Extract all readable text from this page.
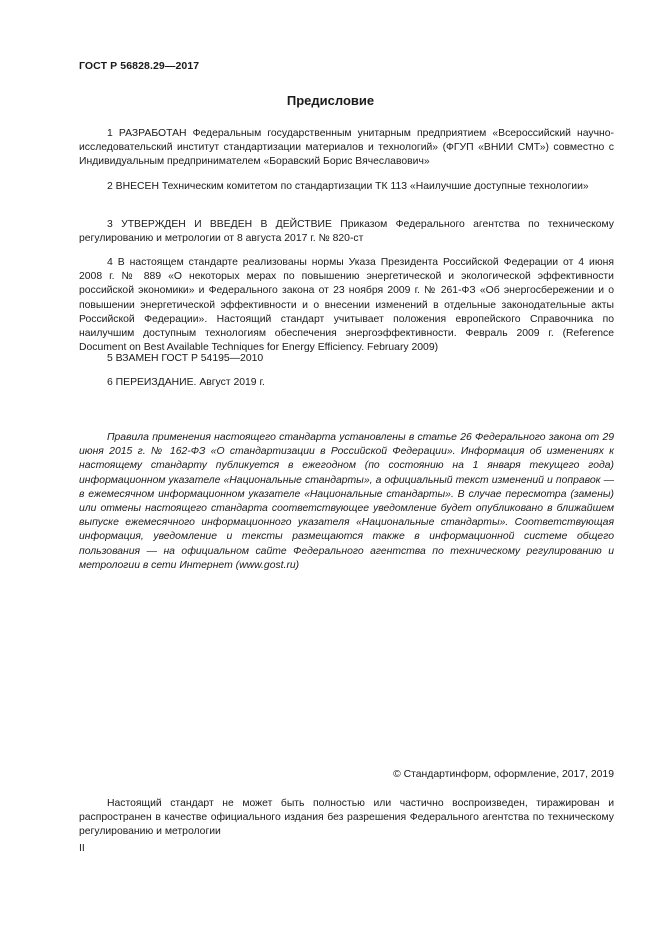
ГОСТ Р 56828.29—2017
Предисловие

1 РАЗРАБОТАН Федеральным государственным унитарным предприятием «Всероссийский научно-исследовательский институт стандартизации материалов и технологий» (ФГУП «ВНИИ СМТ») совместно с Индивидуальным предпринимателем «Боравский Борис Вячеславович»

2 ВНЕСЕН Техническим комитетом по стандартизации ТК 113 «Наилучшие доступные технологии»

3 УТВЕРЖДЕН И ВВЕДЕН В ДЕЙСТВИЕ Приказом Федерального агентства по техническому регулированию и метрологии от 8 августа 2017 г. № 820-ст

4 В настоящем стандарте реализованы нормы Указа Президента Российской Федерации от 4 июня 2008 г. № 889 «О некоторых мерах по повышению энергетической и экологической эффективности российской экономики» и Федерального закона от 23 ноября 2009 г. № 261-ФЗ «Об энергосбережении и о повышении энергетической эффективности и о внесении изменений в отдельные законодательные акты Российской Федерации». Настоящий стандарт учитывает положения европейского Справочника по наилучшим доступным технологиям обеспечения энергоэффективности. Февраль 2009 г. (Reference Document on Best Available Techniques for Energy Efficiency. February 2009)

5 ВЗАМЕН ГОСТ Р 54195—2010

6 ПЕРЕИЗДАНИЕ. Август 2019 г.

Правила применения настоящего стандарта установлены в статье 26 Федерального закона от 29 июня 2015 г. № 162-ФЗ «О стандартизации в Российской Федерации». Информация об изменениях к настоящему стандарту публикуется в ежегодном (по состоянию на 1 января текущего года) информационном указателе «Национальные стандарты», а официальный текст изменений и поправок — в ежемесячном информационном указателе «Национальные стандарты». В случае пересмотра (замены) или отмены настоящего стандарта соответствующее уведомление будет опубликовано в ближайшем выпуске ежемесячного информационного указателя «Национальные стандарты». Соответствующая информация, уведомление и тексты размещаются также в информационной системе общего пользования — на официальном сайте Федерального агентства по техническому регулированию и метрологии в сети Интернет (www.gost.ru)

© Стандартинформ, оформление, 2017, 2019

Настоящий стандарт не может быть полностью или частично воспроизведен, тиражирован и распространен в качестве официального издания без разрешения Федерального агентства по техническому регулированию и метрологии

II
